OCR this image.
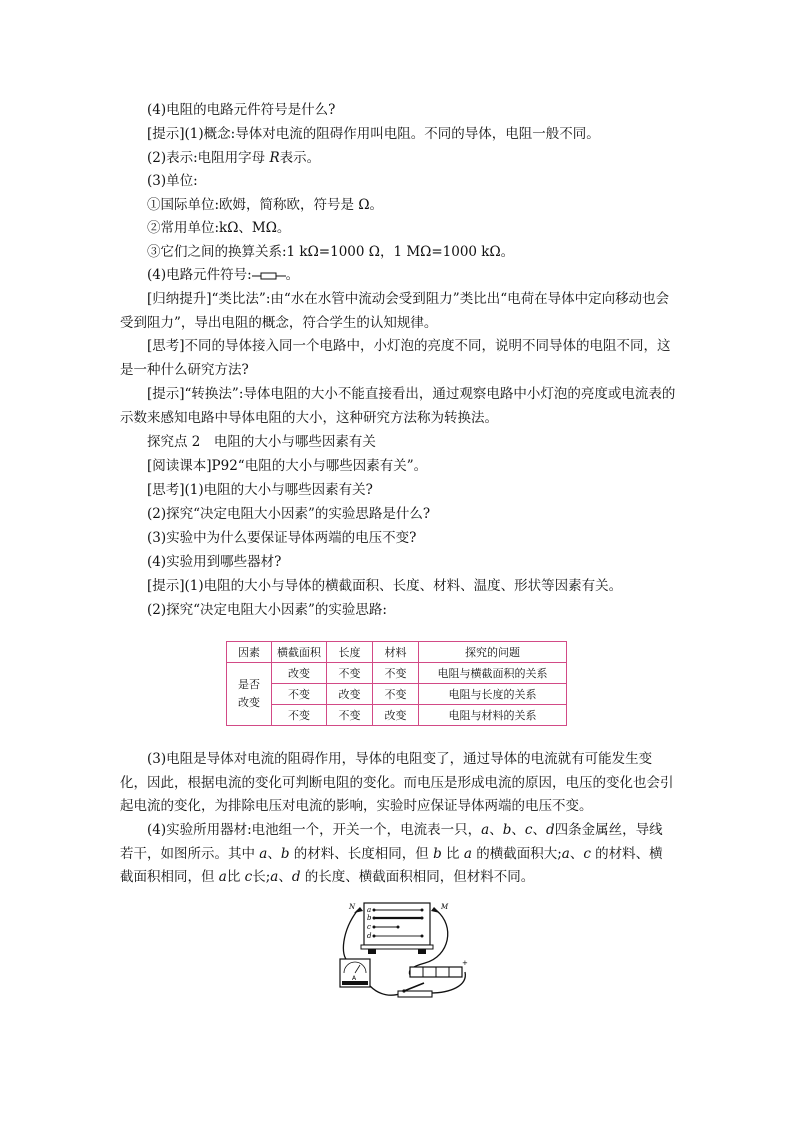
(4)电阻的电路元件符号是什么?
[提示](1)概念:导体对电流的阻碍作用叫电阻。不同的导体，电阻一般不同。
(2)表示:电阻用字母 R表示。
(3)单位:
①国际单位:欧姆，简称欧，符号是 Ω。
②常用单位:kΩ、MΩ。
③它们之间的换算关系:1 kΩ=1000 Ω，1 MΩ=1000 kΩ。
(4)电路元件符号:	。
[归纳提升]“类比法”:由“水在水管中流动会受到阻力”类比出“电荷在导体中定向移动也会受到阻力”，导出电阻的概念，符合学生的认知规律。
[思考]不同的导体接入同一个电路中，小灯泡的亮度不同，说明不同导体的电阻不同，这是一种什么研究方法?
[提示]“转换法”:导体电阻的大小不能直接看出，通过观察电路中小灯泡的亮度或电流表的示数来感知电路中导体电阻的大小，这种研究方法称为转换法。
探究点 2　电阻的大小与哪些因素有关
[阅读课本]P92“电阻的大小与哪些因素有关”。
[思考](1)电阻的大小与哪些因素有关?
(2)探究“决定电阻大小因素”的实验思路是什么?
(3)实验中为什么要保证导体两端的电压不变?
(4)实验用到哪些器材?
[提示](1)电阻的大小与导体的横截面积、长度、材料、温度、形状等因素有关。
(2)探究“决定电阻大小因素”的实验思路:
因素	横截面积	长度	材料	探究的问题
是否改变	改变	不变	不变	电阻与横截面积的关系
	不变	改变	不变	电阻与长度的关系
	不变	不变	改变	电阻与材料的关系
(3)电阻是导体对电流的阻碍作用，导体的电阻变了，通过导体的电流就有可能发生变化，因此，根据电流的变化可判断电阻的变化。而电压是形成电流的原因，电压的变化也会引起电流的变化，为排除电压对电流的影响，实验时应保证导体两端的电压不变。
(4)实验所用器材:电池组一个，开关一个，电流表一只，a、b、c、d四条金属丝，导线若干，如图所示。其中 a、b 的材料、长度相同，但 b 比 a 的横截面积大;a、c 的材料、横截面积相同，但 a比 c长;a、d 的长度、横截面积相同，但材料不同。
a
b
c
d
N	M
A
+
